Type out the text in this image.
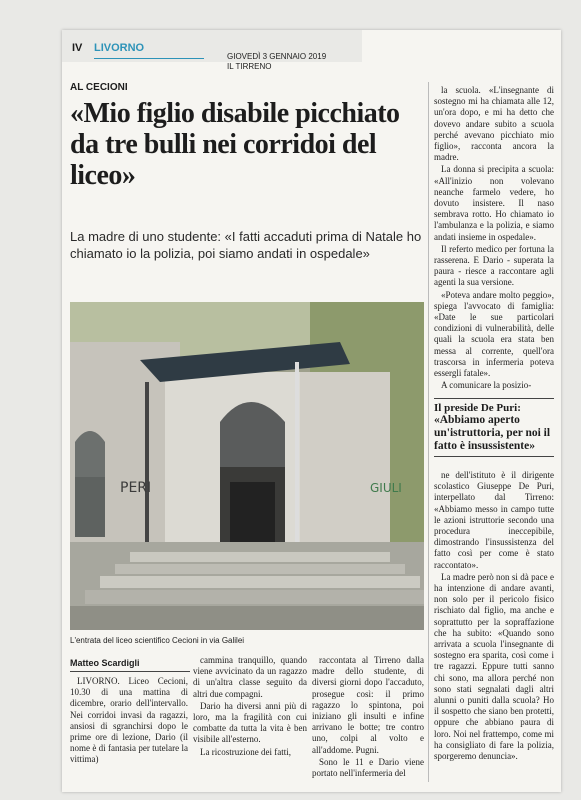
IV LIVORNO
GIOVEDÌ 3 GENNAIO 2019
IL TIRRENO
AL CECIONI
«Mio figlio disabile picchiato da tre bulli nei corridoi del liceo»
La madre di uno studente: «I fatti accaduti prima di Natale ho chiamato io la polizia, poi siamo andati in ospedale»
PERI	GIULI
L'entrata del liceo scientifico Cecioni in via Galilei
Matteo Scardigli

LIVORNO. Liceo Cecioni, 10.30 di una mattina di dicembre, orario dell'intervallo. Nei corridoi invasi da ragazzi, ansiosi di sgranchirsi dopo le prime ore di lezione, Dario (il nome è di fantasia per tutelare la vittima)

cammina tranquillo, quando viene avvicinato da un ragazzo di un'altra classe seguito da altri due compagni.

Dario ha diversi anni più di loro, ma la fragilità con cui combatte da tutta la vita è ben visibile all'esterno.

La ricostruzione dei fatti,

raccontata al Tirreno dalla madre dello studente, di diversi giorni dopo l'accaduto, prosegue così: il primo ragazzo lo spintona, poi iniziano gli insulti e infine arrivano le botte; tre contro uno, colpi al volto e all'addome. Pugni.

Sono le 11 e Dario viene portato nell'infermeria del

la scuola. «L'insegnante di sostegno mi ha chiamata alle 12, un'ora dopo, e mi ha detto che dovevo andare subito a scuola perché avevano picchiato mio figlio», racconta ancora la madre.

La donna si precipita a scuola: «All'inizio non volevano neanche farmelo vedere, ho dovuto insistere. Il naso sembrava rotto. Ho chiamato io l'ambulanza e la polizia, e siamo andati insieme in ospedale».

Il referto medico per fortuna la rasserena. E Dario - superata la paura - riesce a raccontare agli agenti la sua versione.

«Poteva andare molto peggio», spiega l'avvocato di famiglia: «Date le sue particolari condizioni di vulnerabilità, delle quali la scuola era stata ben messa al corrente, quell'ora trascorsa in infermeria poteva essergli fatale».

A comunicare la posizio-

Il preside De Puri:
«Abbiamo aperto un'istruttoria, per noi il fatto è insussistente»

ne dell'istituto è il dirigente scolastico Giuseppe De Puri, interpellato dal Tirreno: «Abbiamo messo in campo tutte le azioni istruttorie secondo una procedura ineccepibile, dimostrando l'insussistenza del fatto così per come è stato raccontato».

La madre però non si dà pace e ha intenzione di andare avanti, non solo per il pericolo fisico rischiato dal figlio, ma anche e soprattutto per la sopraffazione che ha subito: «Quando sono arrivata a scuola l'insegnante di sostegno era sparita, così come i tre ragazzi. Eppure tutti sanno chi sono, ma allora perché non sono stati segnalati dagli altri alunni o puniti dalla scuola? Ho il sospetto che siano ben protetti, oppure che abbiano paura di loro. Noi nel frattempo, come mi ha consigliato di fare la polizia, sporgeremo denuncia».
